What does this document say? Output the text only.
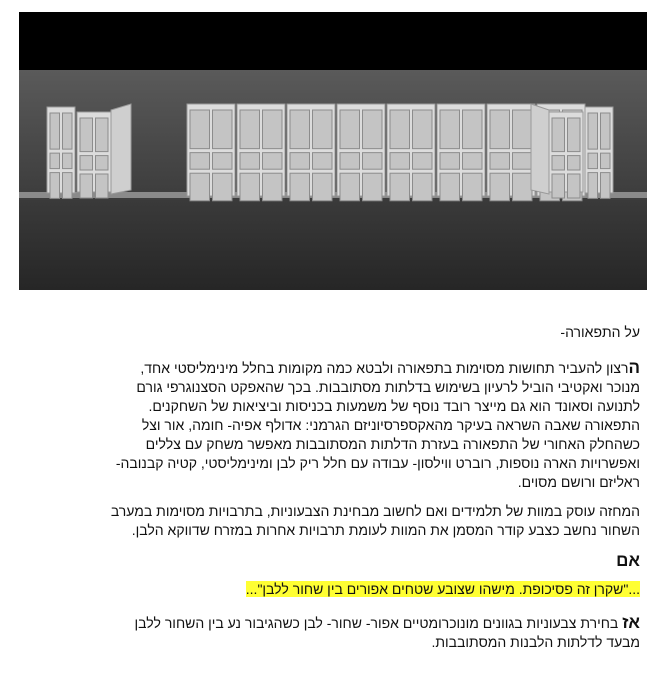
על התפאורה-

הרצון להעביר תחושות מסוימות בתפאורה ולבטא כמה מקומות בחלל מינימליסטי אחד,

מנוכר ואקטיבי הוביל לרעיון בשימוש בדלתות מסתובבות. בכך שהאפקט הסצנוגרפי גורם

לתנועה וסאונד הוא גם מייצר רובד נוסף של משמעות בכניסות וביציאות של השחקנים.

התפאורה שאבה השראה בעיקר מהאקספרסיוניזם הגרמני: אדולף אפיה- חומה, אור וצל

כשהחלק האחורי של התפאורה בעזרת הדלתות המסתובבות מאפשר משחק עם צללים

ואפשרויות הארה נוספות, רוברט ווילסון- עבודה עם חלל ריק לבן ומינימליסטי, קטיה קבנובה-

ראליזם ורושם מסוים.

המחזה עוסק במוות של תלמידים ואם לחשוב מבחינת הצבעוניות, בתרבויות מסוימות במערב

השחור נחשב כצבע קודר המסמן את המוות לעומת תרבויות אחרות במזרח שדווקא הלבן.

אם

..."שקרן זה פסיכופת. מישהו שצובע שטחים אפורים בין שחור ללבן"...

אז בחירת צבעוניות בגוונים מונוכרומטיים אפור- שחור- לבן כשהגיבור נע בין השחור ללבן

מבעד לדלתות הלבנות המסתובבות.
